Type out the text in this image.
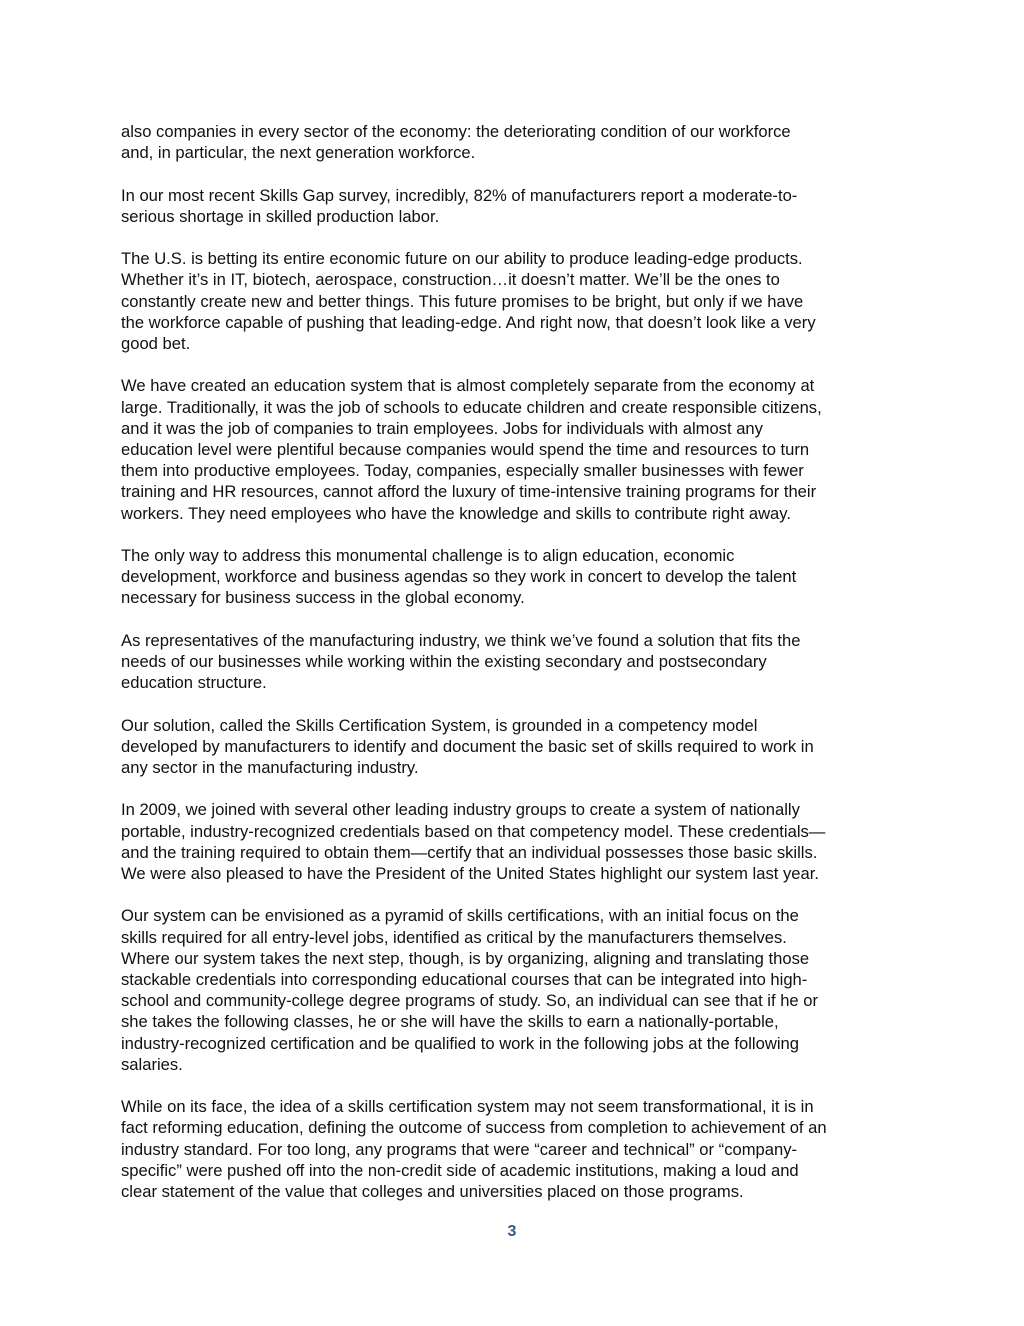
also companies in every sector of the economy: the deteriorating condition of our workforce
and, in particular, the next generation workforce.

In our most recent Skills Gap survey, incredibly, 82% of manufacturers report a moderate-to-
serious shortage in skilled production labor.

The U.S. is betting its entire economic future on our ability to produce leading-edge products.
Whether it’s in IT, biotech, aerospace, construction…it doesn’t matter. We’ll be the ones to
constantly create new and better things. This future promises to be bright, but only if we have
the workforce capable of pushing that leading-edge. And right now, that doesn’t look like a very
good bet.

We have created an education system that is almost completely separate from the economy at
large. Traditionally, it was the job of schools to educate children and create responsible citizens,
and it was the job of companies to train employees. Jobs for individuals with almost any
education level were plentiful because companies would spend the time and resources to turn
them into productive employees. Today, companies, especially smaller businesses with fewer
training and HR resources, cannot afford the luxury of time-intensive training programs for their
workers. They need employees who have the knowledge and skills to contribute right away.

The only way to address this monumental challenge is to align education, economic
development, workforce and business agendas so they work in concert to develop the talent
necessary for business success in the global economy.

As representatives of the manufacturing industry, we think we’ve found a solution that fits the
needs of our businesses while working within the existing secondary and postsecondary
education structure.

Our solution, called the Skills Certification System, is grounded in a competency model
developed by manufacturers to identify and document the basic set of skills required to work in
any sector in the manufacturing industry.

In 2009, we joined with several other leading industry groups to create a system of nationally
portable, industry-recognized credentials based on that competency model. These credentials—
and the training required to obtain them—certify that an individual possesses those basic skills.
We were also pleased to have the President of the United States highlight our system last year.

Our system can be envisioned as a pyramid of skills certifications, with an initial focus on the
skills required for all entry-level jobs, identified as critical by the manufacturers themselves.
Where our system takes the next step, though, is by organizing, aligning and translating those
stackable credentials into corresponding educational courses that can be integrated into high-
school and community-college degree programs of study. So, an individual can see that if he or
she takes the following classes, he or she will have the skills to earn a nationally-portable,
industry-recognized certification and be qualified to work in the following jobs at the following
salaries.

While on its face, the idea of a skills certification system may not seem transformational, it is in
fact reforming education, defining the outcome of success from completion to achievement of an
industry standard. For too long, any programs that were “career and technical” or “company-
specific” were pushed off into the non-credit side of academic institutions, making a loud and
clear statement of the value that colleges and universities placed on those programs.

3
